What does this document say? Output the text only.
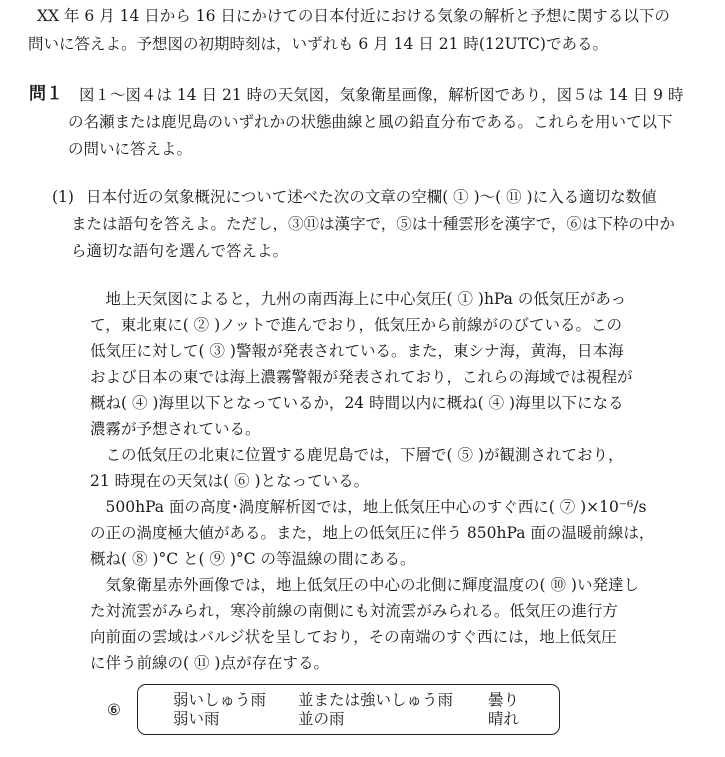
XX 年 6 月 14 日から 16 日にかけての日本付近における気象の解析と予想に関する以下の
問いに答えよ。予想図の初期時刻は，いずれも 6 月 14 日 21 時(12UTC)である。
問１ 図１～図４は 14 日 21 時の天気図，気象衛星画像，解析図であり，図５は 14 日 9 時
の名瀬または鹿児島のいずれかの状態曲線と風の鉛直分布である。これらを用いて以下
の問いに答えよ。
(1) 日本付近の気象概況について述べた次の文章の空欄( ① )～( ⑪ )に入る適切な数値
または語句を答えよ。ただし，③⑪は漢字で，⑤は十種雲形を漢字で，⑥は下枠の中か
ら適切な語句を選んで答えよ。
　地上天気図によると，九州の南西海上に中心気圧( ① )hPa の低気圧があっ
て，東北東に( ② )ノットで進んでおり，低気圧から前線がのびている。この
低気圧に対して( ③ )警報が発表されている。また，東シナ海，黄海，日本海
および日本の東では海上濃霧警報が発表されており，これらの海域では視程が
概ね( ④ )海里以下となっているか，24 時間以内に概ね( ④ )海里以下になる
濃霧が予想されている。
　この低気圧の北東に位置する鹿児島では，下層で( ⑤ )が観測されており，
21 時現在の天気は( ⑥ )となっている。
　500hPa 面の高度･渦度解析図では，地上低気圧中心のすぐ西に( ⑦ )×10⁻⁶/s
の正の渦度極大値がある。また，地上の低気圧に伴う 850hPa 面の温暖前線は，
概ね( ⑧ )°C と( ⑨ )°C の等温線の間にある。
　気象衛星赤外画像では，地上低気圧の中心の北側に輝度温度の( ⑩ )い発達し
た対流雲がみられ，寒冷前線の南側にも対流雲がみられる。低気圧の進行方
向前面の雲域はバルジ状を呈しており，その南端のすぐ西には，地上低気圧
に伴う前線の( ⑪ )点が存在する。
⑥
弱いしゅう雨 並または強いしゅう雨 曇り
弱い雨	並の雨	晴れ
